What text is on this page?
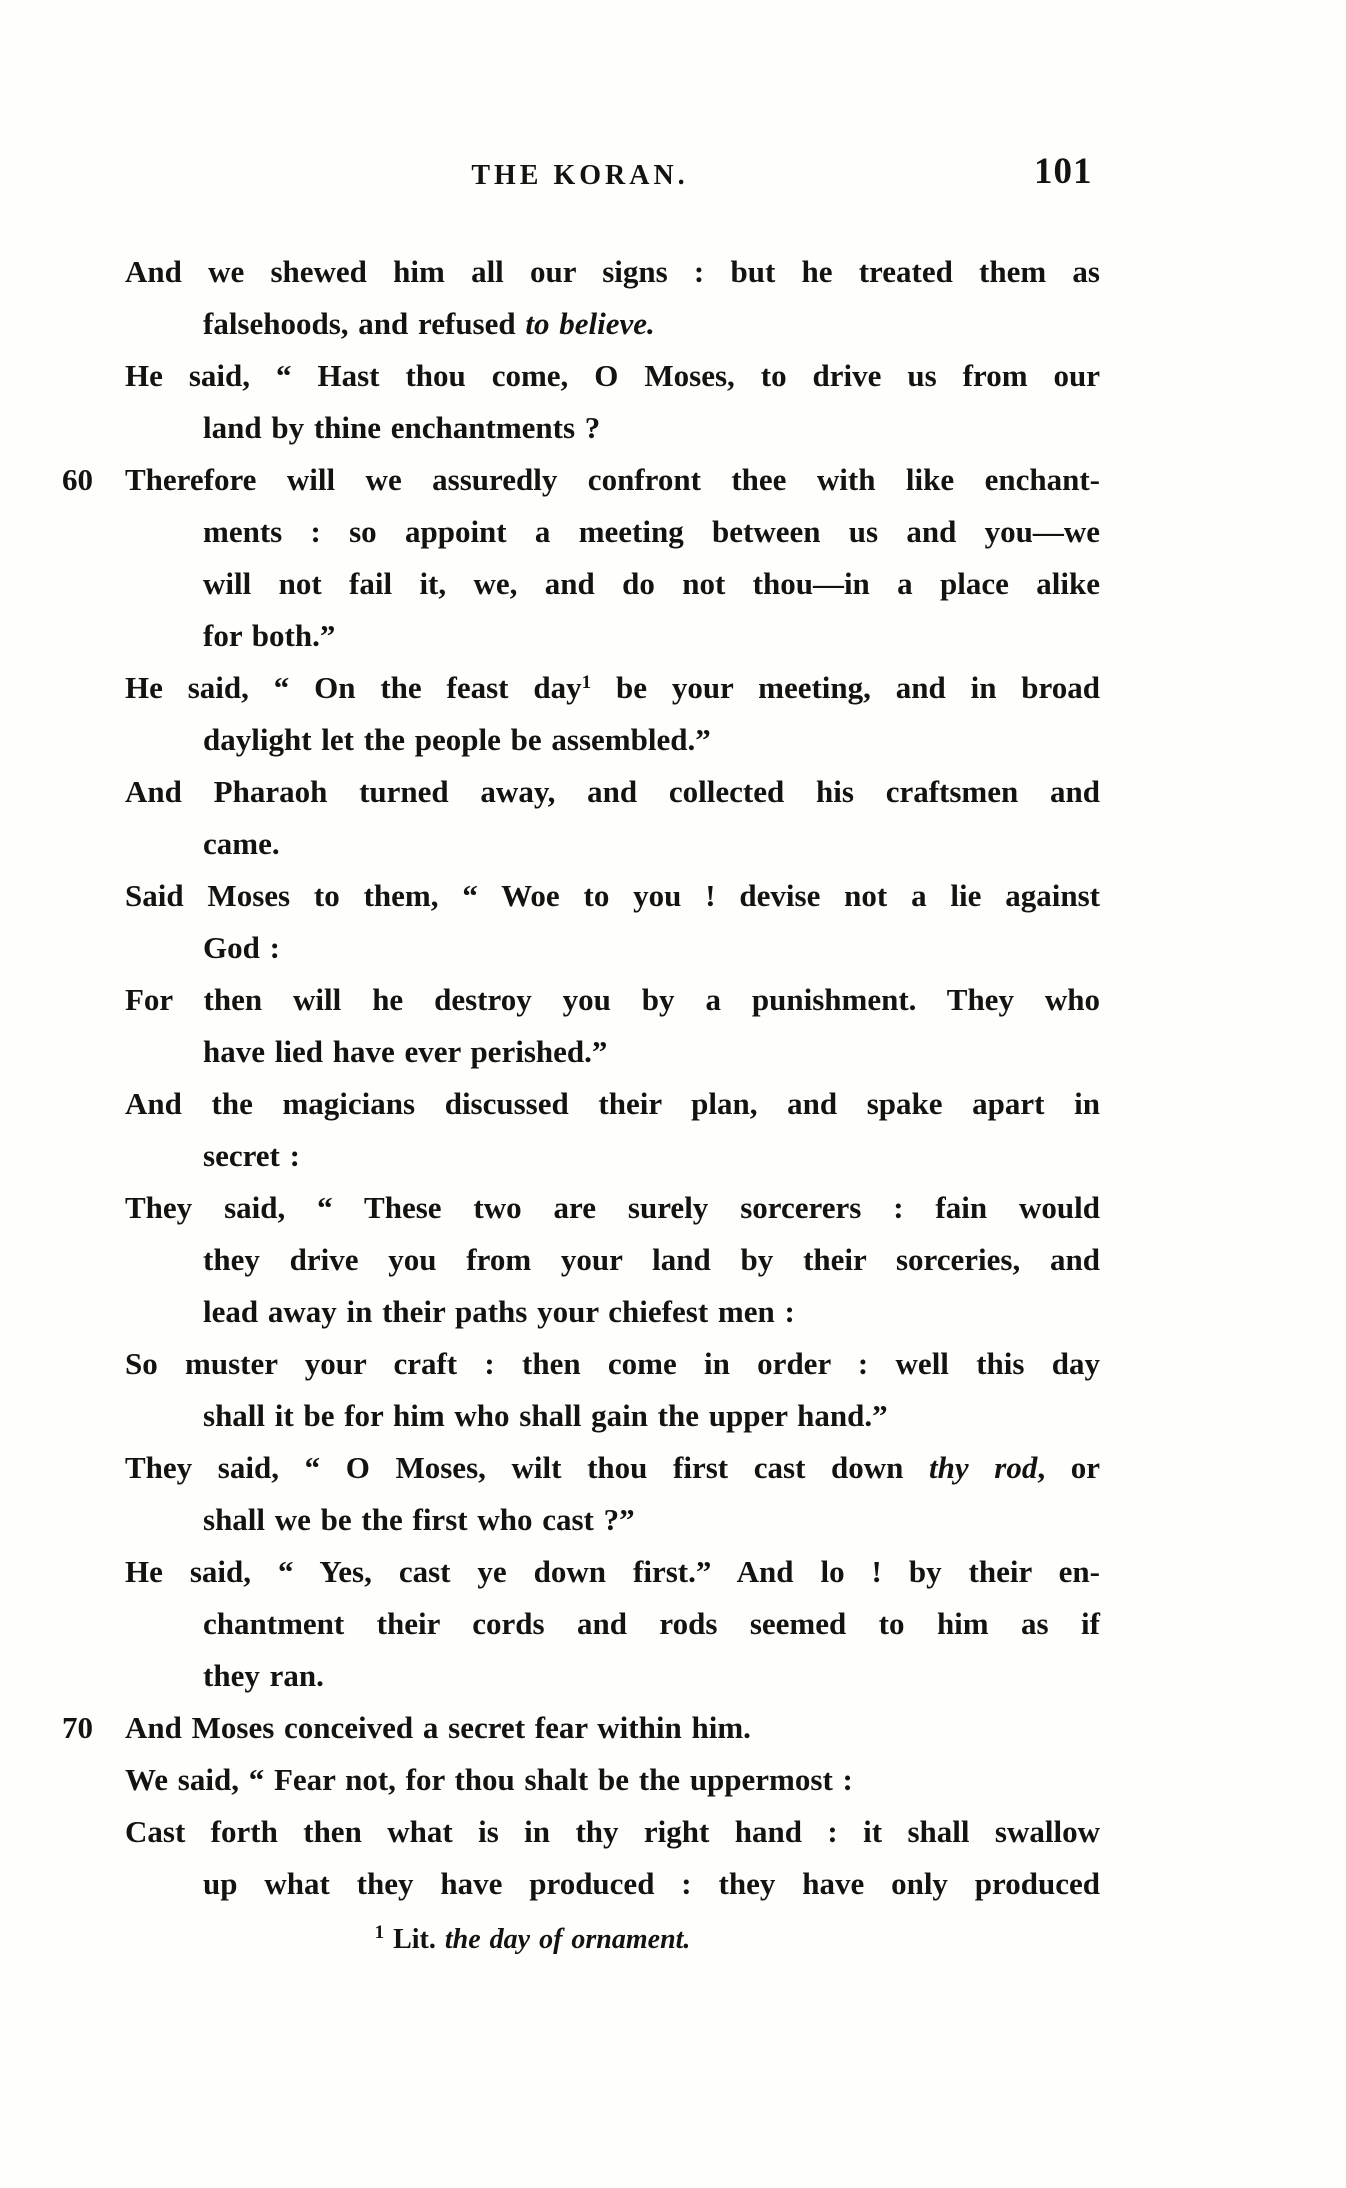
THE KORAN.	101
And we shewed him all our signs : but he treated them as
falsehoods, and refused to believe.
He said, “ Hast thou come, O Moses, to drive us from our
land by thine enchantments ?
60 Therefore will we assuredly confront thee with like enchant-
ments : so appoint a meeting between us and you—we
will not fail it, we, and do not thou—in a place alike
for both.”
He said, “ On the feast day$^1$ be your meeting, and in broad
daylight let the people be assembled.”
And Pharaoh turned away, and collected his craftsmen and
came.
Said Moses to them, “ Woe to you ! devise not a lie against
God :
For then will he destroy you by a punishment. They who
have lied have ever perished.”
And the magicians discussed their plan, and spake apart in
secret :
They said, “ These two are surely sorcerers : fain would
they drive you from your land by their sorceries, and
lead away in their paths your chiefest men :
So muster your craft : then come in order : well this day
shall it be for him who shall gain the upper hand.”
They said, “ O Moses, wilt thou first cast down thy rod, or
shall we be the first who cast ?”
He said, “ Yes, cast ye down first.” And lo ! by their en-
chantment their cords and rods seemed to him as if
they ran.
70 And Moses conceived a secret fear within him.
We said, “ Fear not, for thou shalt be the uppermost :
Cast forth then what is in thy right hand : it shall swallow
up what they have produced : they have only produced
$^1$ Lit. the day of ornament.
